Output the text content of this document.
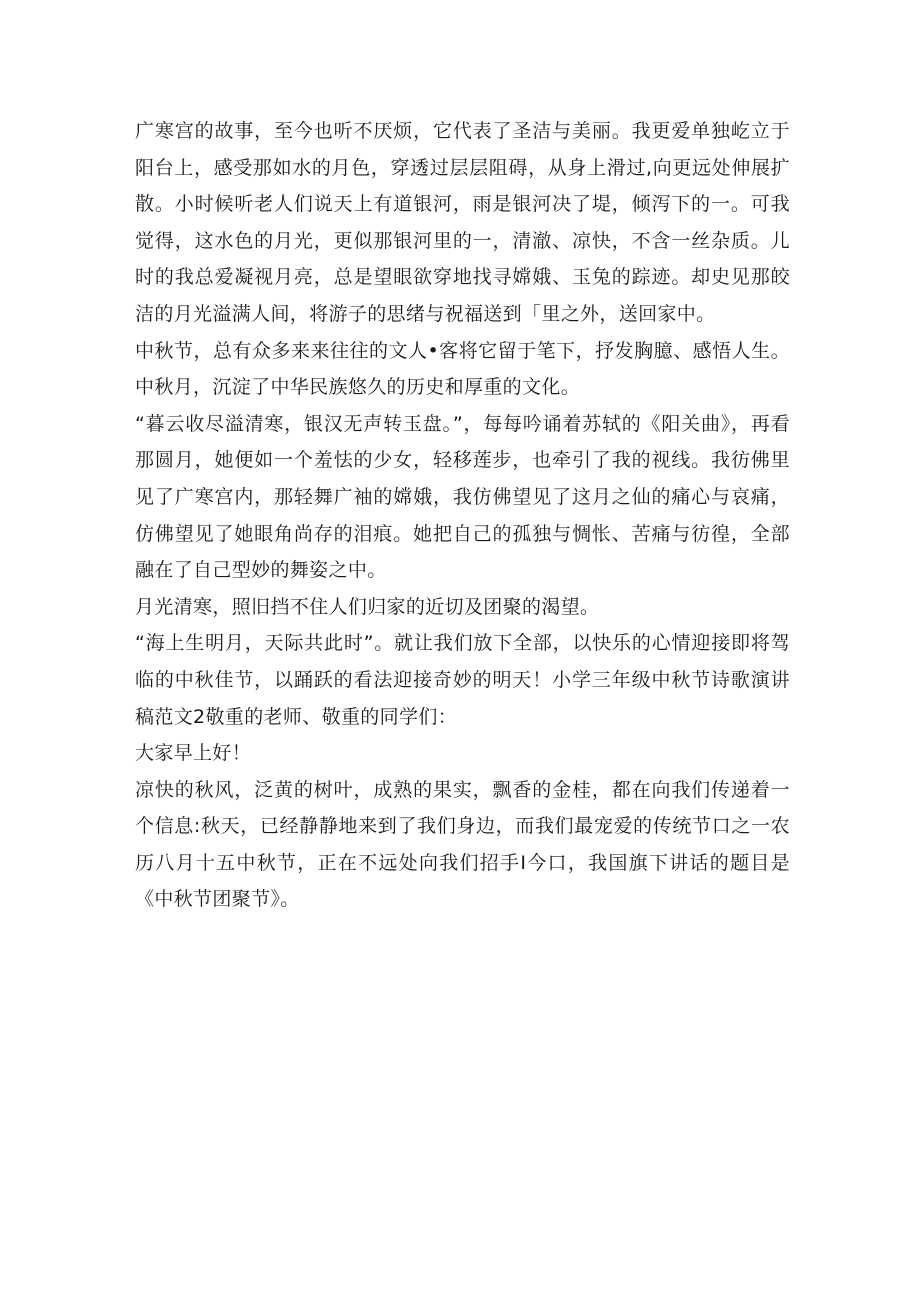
广寒宫的故事，至今也听不厌烦，它代表了圣洁与美丽。我更爱单独屹立于阳台上，感受那如水的月色，穿透过层层阻碍，从身上滑过,向更远处伸展扩散。小时候听老人们说天上有道银河，雨是银河决了堤，倾泻下的一。可我觉得，这水色的月光，更似那银河里的一，清澈、凉快，不含一丝杂质。儿时的我总爱凝视月亮，总是望眼欲穿地找寻嫦娥、玉兔的踪迹。却史见那皎洁的月光溢满人间，将游子的思绪与祝福送到「里之外，送回家中。

中秋节，总有众多来来往往的文人•客将它留于笔下，抒发胸臆、感悟人生。中秋月，沉淀了中华民族悠久的历史和厚重的文化。

“暮云收尽溢清寒，银汉无声转玉盘。”，每每吟诵着苏轼的《阳关曲》，再看那圆月，她便如一个羞怯的少女，轻移莲步，也牵引了我的视线。我彷佛里见了广寒宫内，那轻舞广袖的嫦娥，我仿佛望见了这月之仙的痛心与哀痛，仿佛望见了她眼角尚存的泪痕。她把自己的孤独与惆怅、苦痛与彷徨，全部融在了自己型妙的舞姿之中。

月光清寒，照旧挡不住人们归家的近切及团聚的渴望。

“海上生明月，天际共此时”。就让我们放下全部，以快乐的心情迎接即将驾临的中秋佳节，以踊跃的看法迎接奇妙的明天！小学三年级中秋节诗歌演讲稿范文2敬重的老师、敬重的同学们：

大家早上好！

凉快的秋风，泛黄的树叶，成熟的果实，飘香的金桂，都在向我们传递着一个信息:秋天，已经静静地来到了我们身边，而我们最宠爱的传统节口之一农历八月十五中秋节，正在不远处向我们招手I今口，我国旗下讲话的题目是《中秋节团聚节》。
